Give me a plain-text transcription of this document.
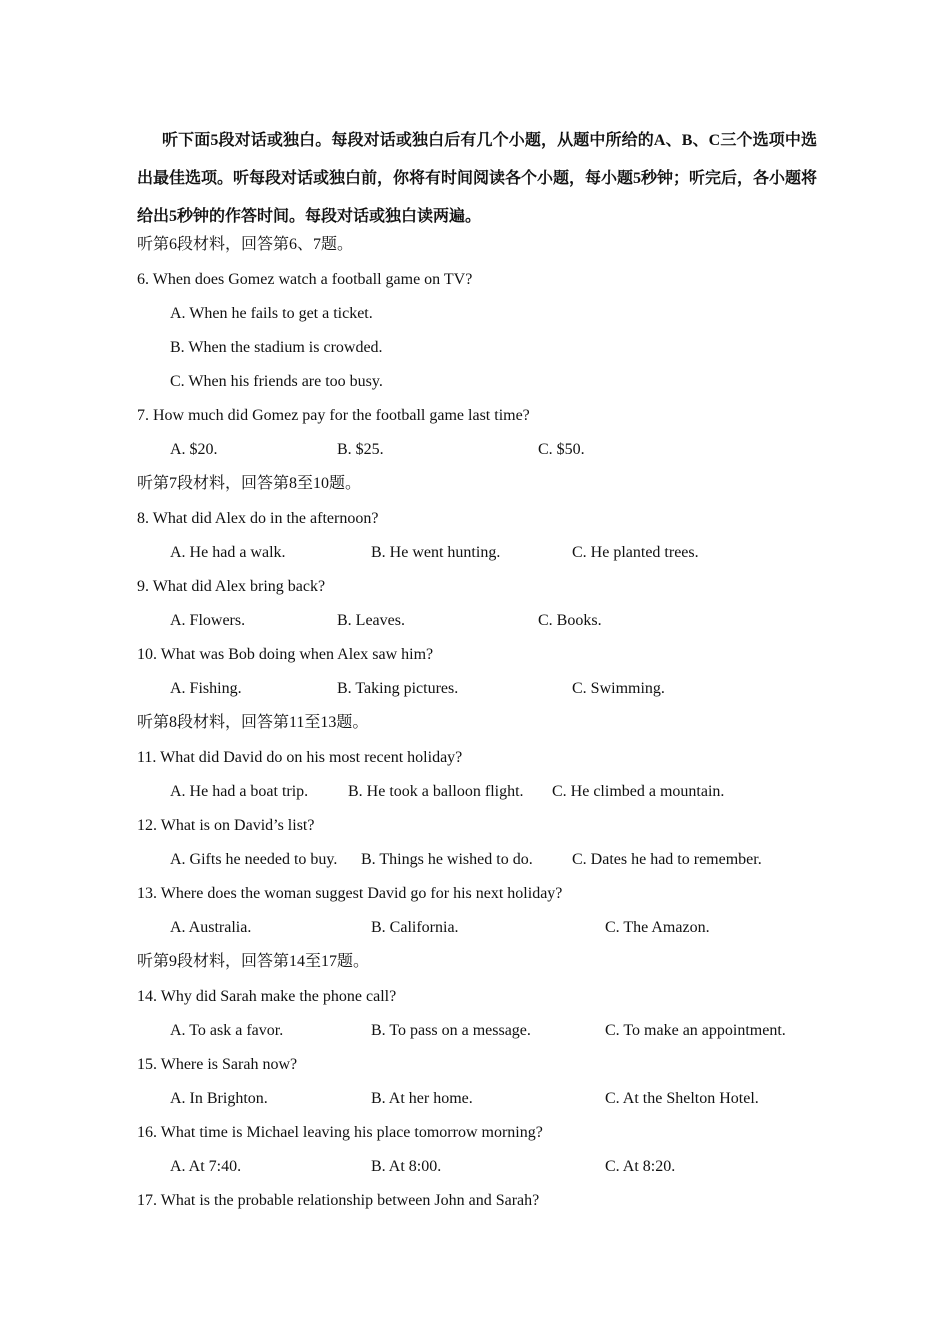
听下面5段对话或独白。每段对话或独白后有几个小题，从题中所给的A、B、C三个选项中选出最佳选项。听每段对话或独白前，你将有时间阅读各个小题，每小题5秒钟；听完后，各小题将给出5秒钟的作答时间。每段对话或独白读两遍。

听第6段材料，回答第6、7题。
6. When does Gomez watch a football game on TV?
A. When he fails to get a ticket.
B. When the stadium is crowded.
C. When his friends are too busy.
7. How much did Gomez pay for the football game last time?
A. $20.	B. $25.	C. $50.
听第7段材料，回答第8至10题。
8. What did Alex do in the afternoon?
A. He had a walk.	B. He went hunting.	C. He planted trees.
9. What did Alex bring back?
A. Flowers.	B. Leaves.	C. Books.
10. What was Bob doing when Alex saw him?
A. Fishing.	B. Taking pictures.	C. Swimming.
听第8段材料，回答第11至13题。
11. What did David do on his most recent holiday?
A. He had a boat trip. B. He took a balloon flight. C. He climbed a mountain.
12. What is on David’s list?
A. Gifts he needed to buy. B. Things he wished to do. C. Dates he had to remember.
13. Where does the woman suggest David go for his next holiday?
A. Australia.	B. California.	C. The Amazon.
听第9段材料，回答第14至17题。
14. Why did Sarah make the phone call?
A. To ask a favor.	B. To pass on a message.	C. To make an appointment.
15. Where is Sarah now?
A. In Brighton.	B. At her home.	C. At the Shelton Hotel.
16. What time is Michael leaving his place tomorrow morning?
A. At 7:40.	B. At 8:00.	C. At 8:20.
17. What is the probable relationship between John and Sarah?
